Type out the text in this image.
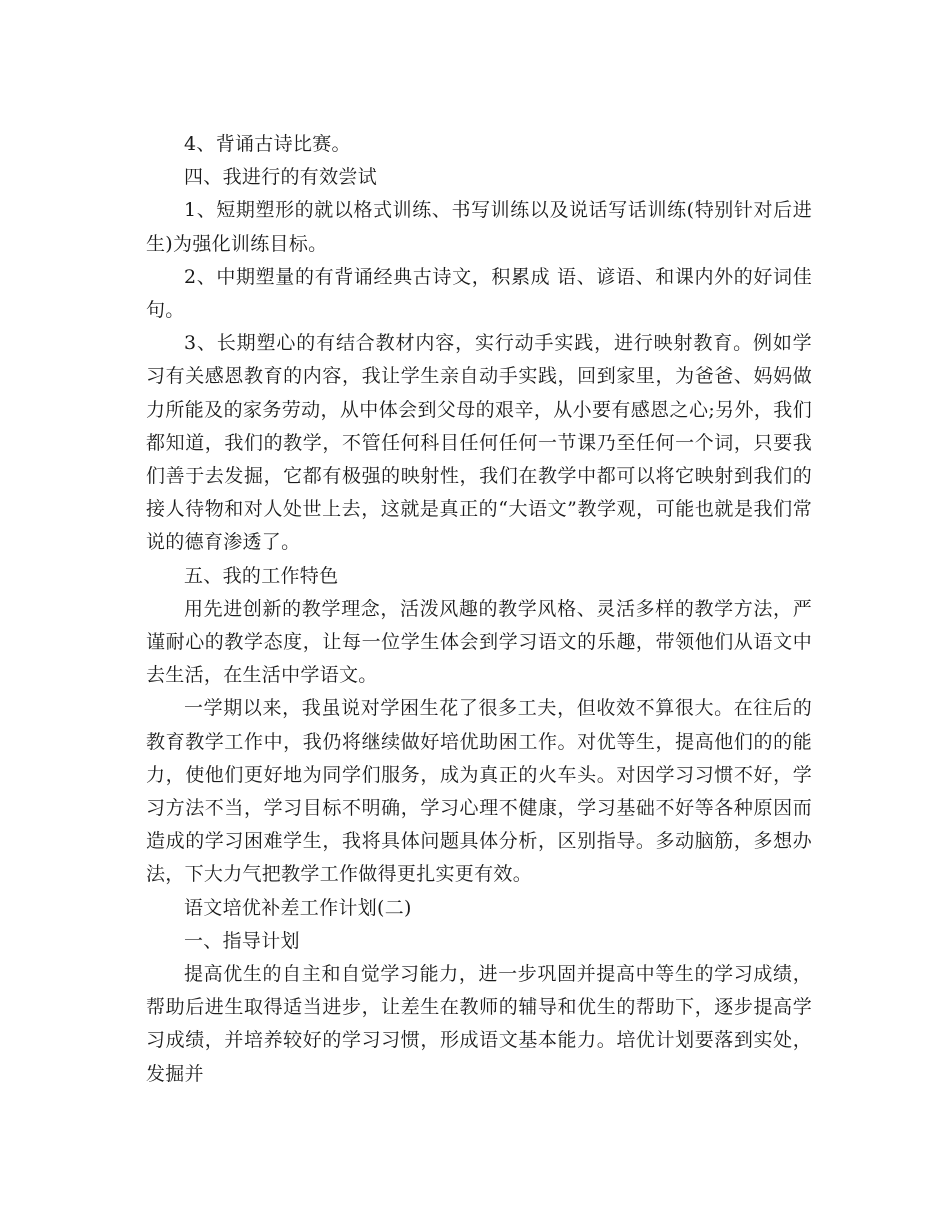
4、背诵古诗比赛。

四、我进行的有效尝试

1、短期塑形的就以格式训练、书写训练以及说话写话训练(特别针对后进生)为强化训练目标。

2、中期塑量的有背诵经典古诗文，积累成 语、谚语、和课内外的好词佳句。

3、长期塑心的有结合教材内容，实行动手实践，进行映射教育。例如学习有关感恩教育的内容，我让学生亲自动手实践，回到家里，为爸爸、妈妈做力所能及的家务劳动，从中体会到父母的艰辛，从小要有感恩之心;另外，我们都知道，我们的教学，不管任何科目任何任何一节课乃至任何一个词，只要我们善于去发掘，它都有极强的映射性，我们在教学中都可以将它映射到我们的接人待物和对人处世上去，这就是真正的“大语文”教学观，可能也就是我们常说的德育渗透了。

五、我的工作特色

用先进创新的教学理念，活泼风趣的教学风格、灵活多样的教学方法，严谨耐心的教学态度，让每一位学生体会到学习语文的乐趣，带领他们从语文中去生活，在生活中学语文。

一学期以来，我虽说对学困生花了很多工夫，但收效不算很大。在往后的教育教学工作中，我仍将继续做好培优助困工作。对优等生，提高他们的的能力，使他们更好地为同学们服务，成为真正的火车头。对因学习习惯不好，学习方法不当，学习目标不明确，学习心理不健康，学习基础不好等各种原因而造成的学习困难学生，我将具体问题具体分析，区别指导。多动脑筋，多想办法，下大力气把教学工作做得更扎实更有效。

语文培优补差工作计划(二)

一、指导计划

提高优生的自主和自觉学习能力，进一步巩固并提高中等生的学习成绩，帮助后进生取得适当进步，让差生在教师的辅导和优生的帮助下，逐步提高学习成绩，并培养较好的学习习惯，形成语文基本能力。培优计划要落到实处，发掘并
